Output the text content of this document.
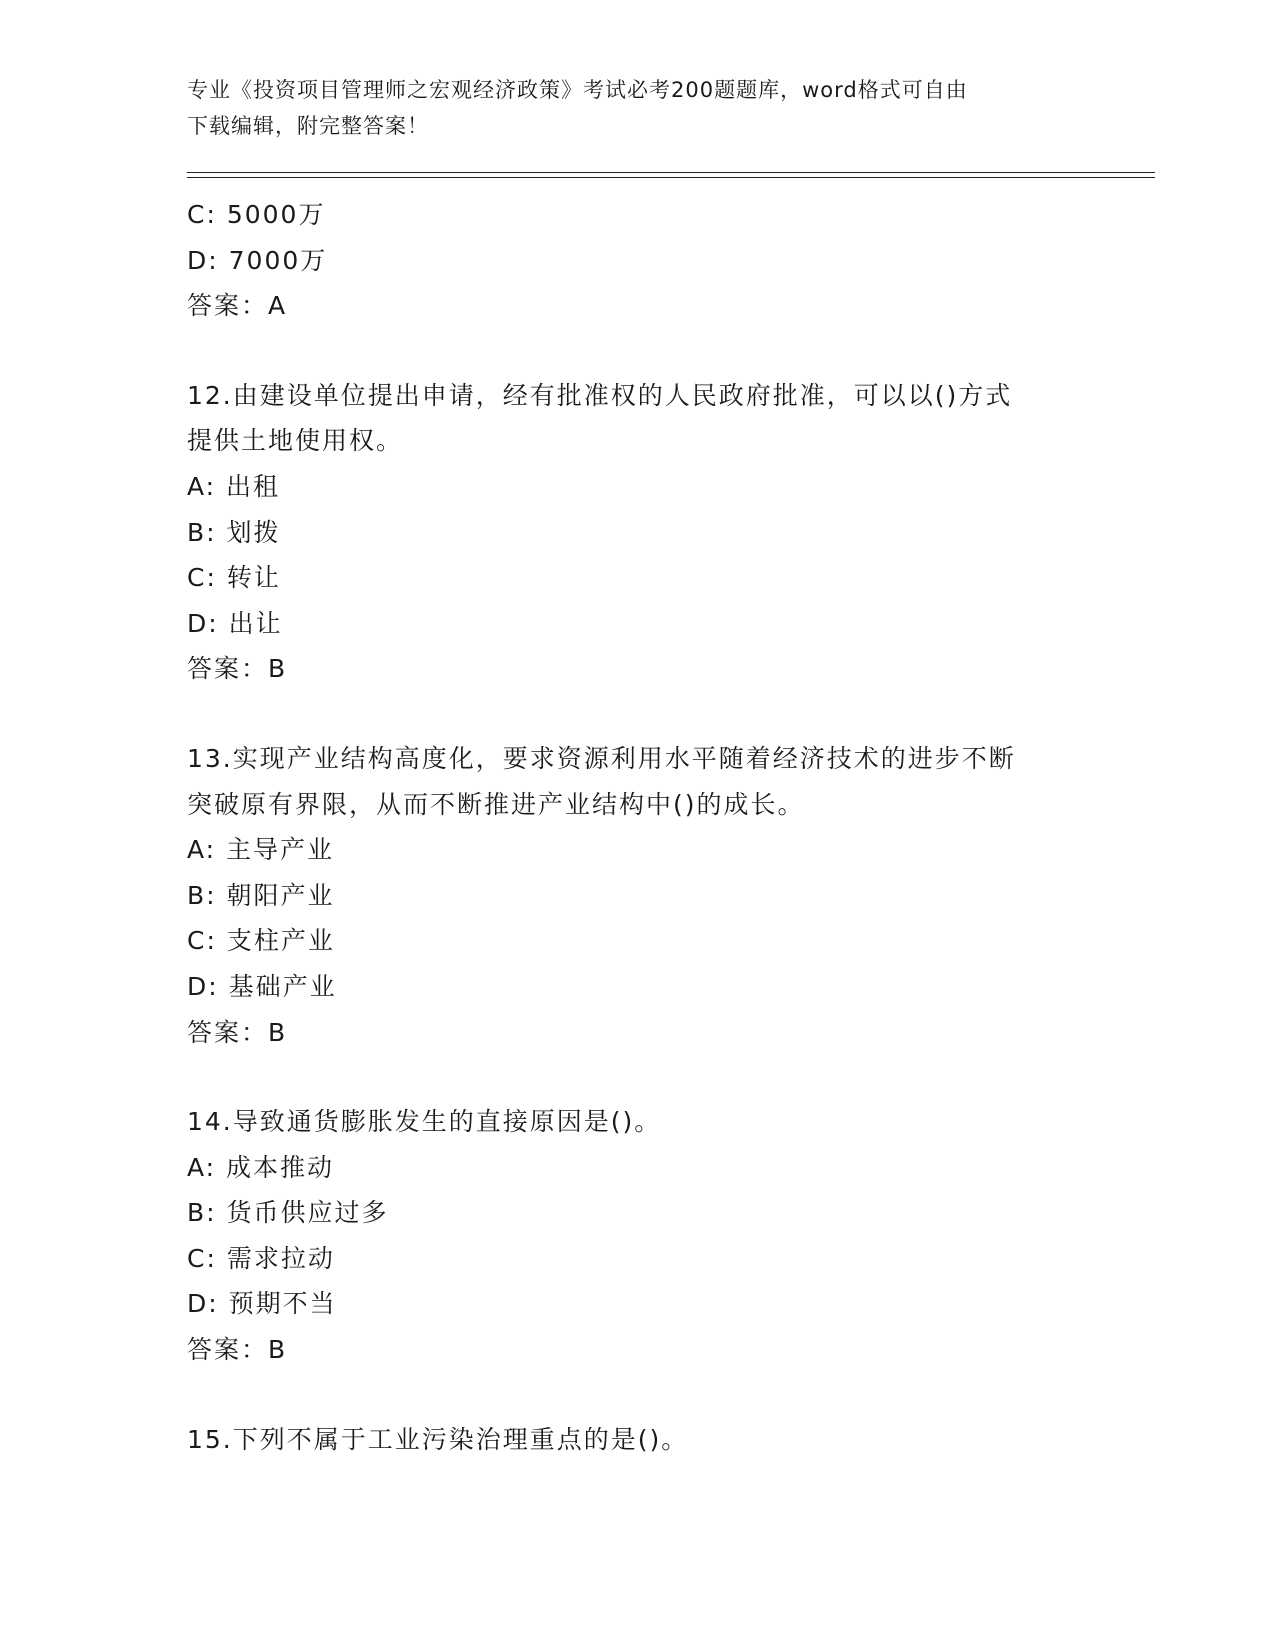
专业《投资项目管理师之宏观经济政策》考试必考200题题库，word格式可自由
下载编辑，附完整答案！
C: 5000万
D: 7000万
答案：A
12.由建设单位提出申请，经有批准权的人民政府批准，可以以()方式
提供土地使用权。
A: 出租
B: 划拨
C: 转让
D: 出让
答案：B
13.实现产业结构高度化，要求资源利用水平随着经济技术的进步不断
突破原有界限，从而不断推进产业结构中()的成长。
A: 主导产业
B: 朝阳产业
C: 支柱产业
D: 基础产业
答案：B
14.导致通货膨胀发生的直接原因是()。
A: 成本推动
B: 货币供应过多
C: 需求拉动
D: 预期不当
答案：B
15.下列不属于工业污染治理重点的是()。
